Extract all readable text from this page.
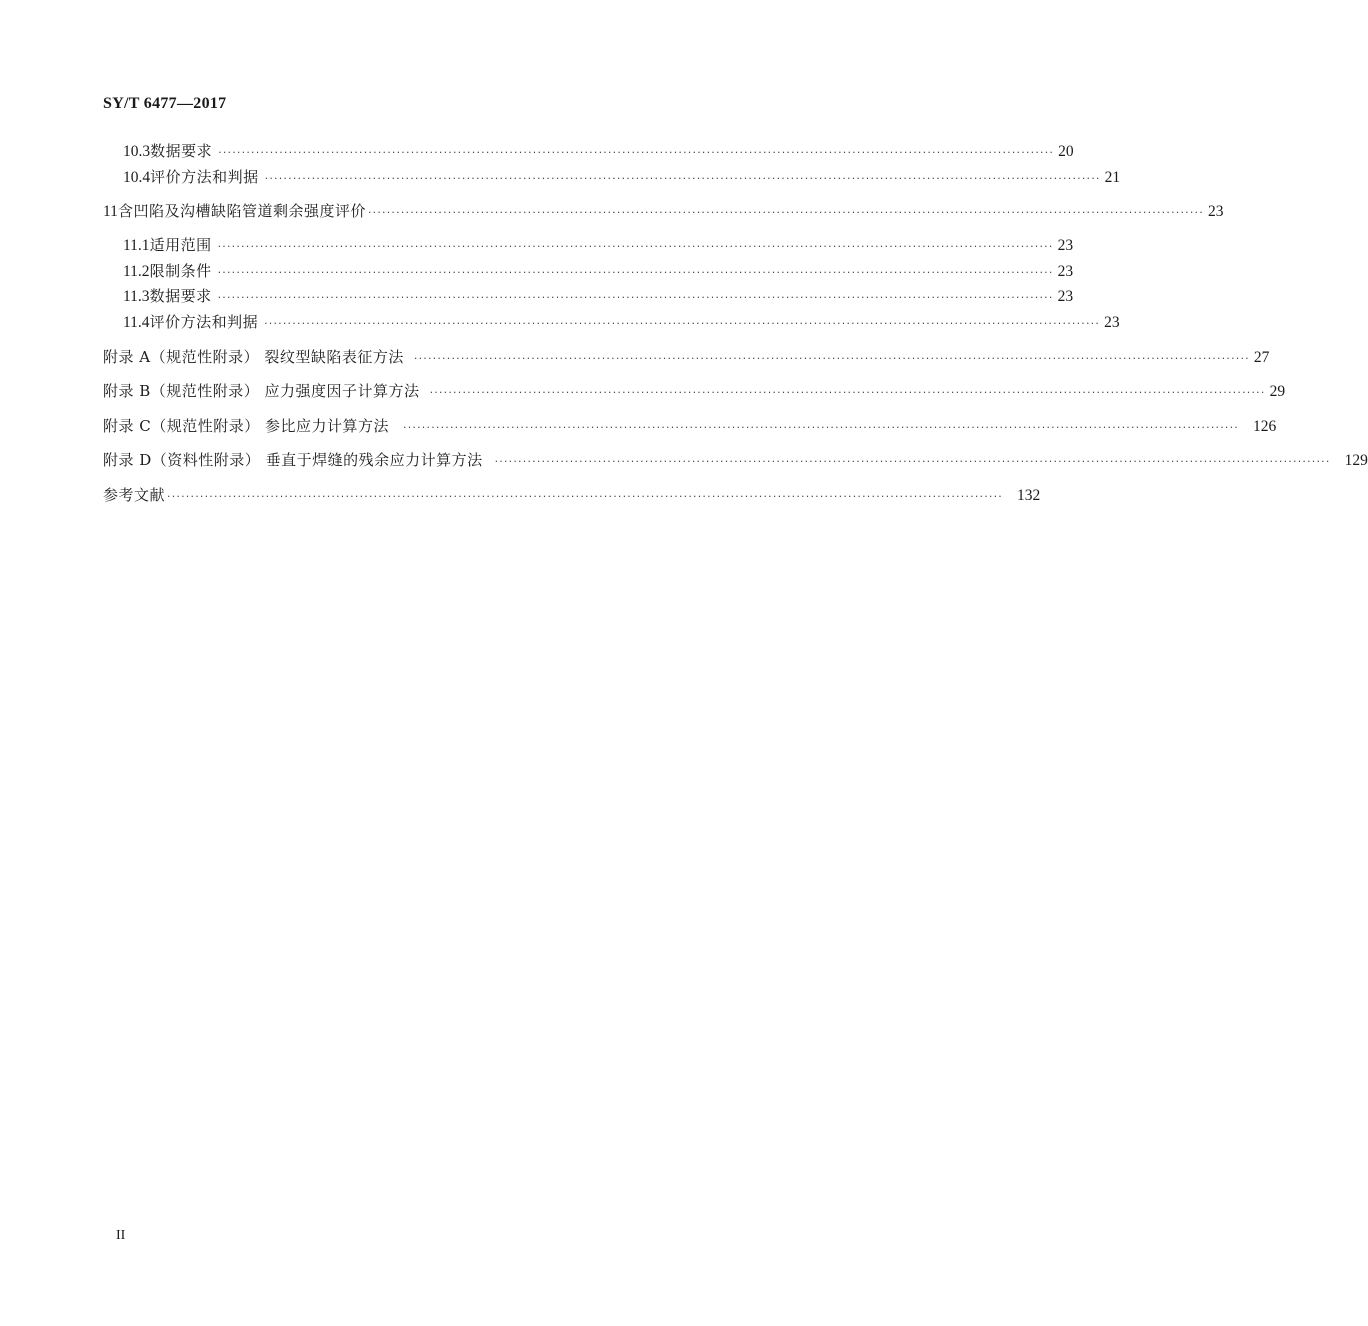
SY/T 6477—2017
10.3 数据要求 ·················································································································································································· 20
10.4 评价方法和判据 ·················································································································································································· 21
11 含凹陷及沟槽缺陷管道剩余强度评价 ·················································································································································································· 23
11.1 适用范围 ·················································································································································································· 23
11.2 限制条件 ·················································································································································································· 23
11.3 数据要求 ·················································································································································································· 23
11.4 评价方法和判据 ·················································································································································································· 23
附录 A（规范性附录） 裂纹型缺陷表征方法 ·················································································································································································· 27
附录 B（规范性附录） 应力强度因子计算方法 ·················································································································································································· 29
附录 C（规范性附录） 参比应力计算方法 ·················································································································································································· 126
附录 D（资料性附录） 垂直于焊缝的残余应力计算方法 ·················································································································································································· 129
参考文献 ·················································································································································································· 132
II
